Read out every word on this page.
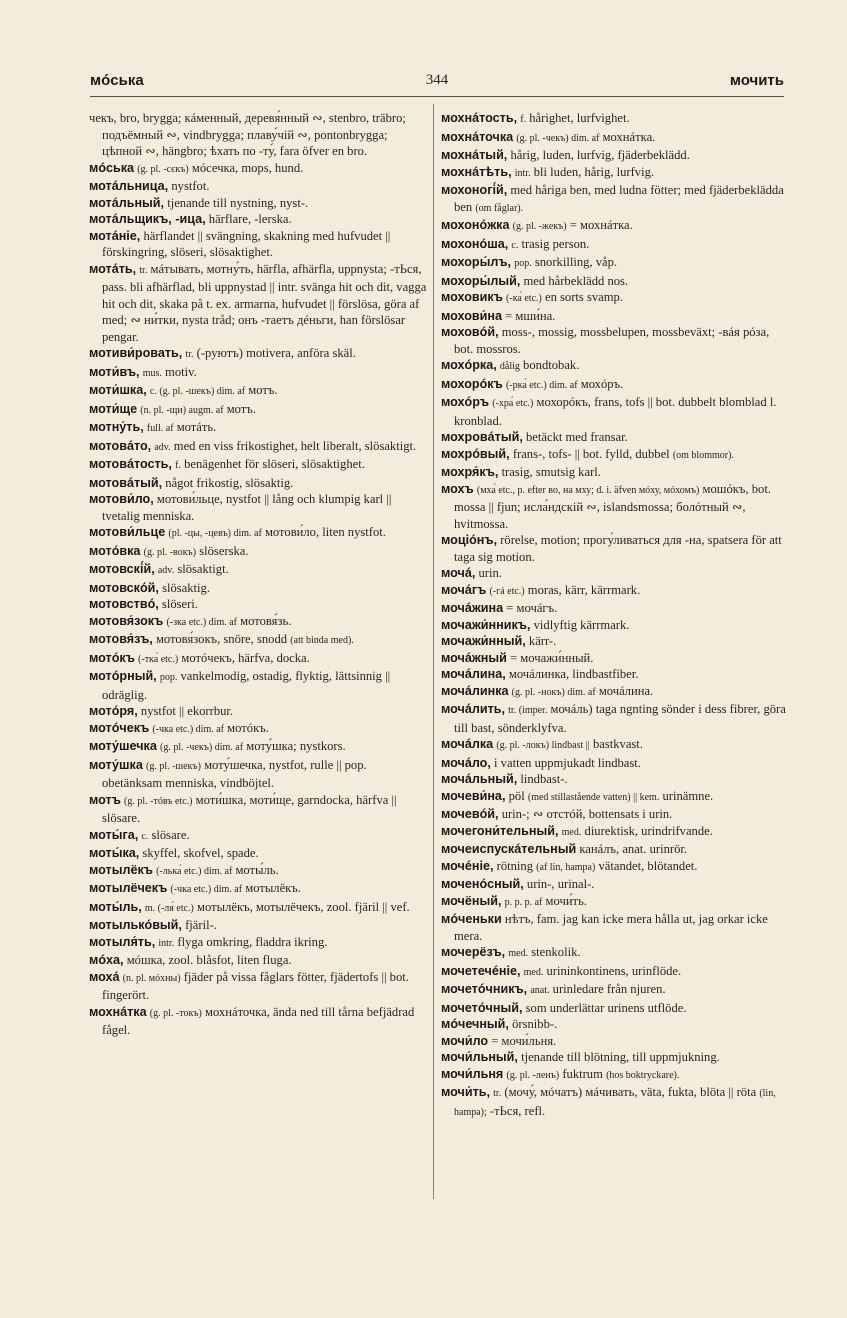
мóська	344	мочить

чекъ, bro, brygga; кáменный, деревя́нный ∾, stenbro, träbro; подъёмный ∾, vindbrygga; плаву́чій ∾, pontonbrygga; цѣпной ∾, hängbro; ѣхать по -ту́, fara öfver en bro.

мóська (g. pl. -сєкъ) мóсечка, mops, hund.

мотáльница, nystfot.

мотáльный, tjenande till nystning, nyst-.

мотáльщикъ, -ица, härflare, -lerska.

мотáніе, härflandet || svängning, skakning med hufvudet || förskingring, slöseri, slösaktighet.

мотáть, tr. мáтывать, мотну́ть, härfla, afhärfla, uppnysta; -тЬся, pass. bli afhärflad, bli uppnystad || intr. svänga hit och dit, vagga hit och dit, skaka på t. ex. armarna, hufvudet || förslösa, göra af med; ∾ ни́тки, nysta tråd; онъ -таетъ дéньги, han förslösar pengar.

мотиви́ровать, tr. (-руютъ) motivera, anföra skäl.

моти́въ, mus. motiv.

моти́шка, c. (g. pl. -шекъ) dim. af мотъ.

моти́ще (n. pl. -щи) augm. af мотъ.

мотну́ть, full. af мотáть.

мотовáто, adv. med en viss frikostighet, helt liberalt, slösaktigt.

мотовáтость, f. benägenhet för slöseri, slösaktighet.

мотовáтый, något frikostig, slösaktig.

мотови́ло, мотови́льце, nystfot || lång och klumpig karl || tvetalig menniska.

мотови́льце (pl. -цы, -цевъ) dim. af мотови́ло, liten nystfot.

мотóвка (g. pl. -вокъ) slöserska.

мотовскі́й, adv. slösaktigt.

мотовскóй, slösaktig.

мотовствó, slöseri.

мотовя́зокъ (-зка etc.) dim. af мотовя́зь.

мотовя́зъ, мотовя́зокъ, snöre, snodd (att binda med).

мотóкъ (-тка́ etc.) мотóчекъ, härfva, docka.

мотóрный, pop. vankelmodig, ostadig, flyktig, lättsinnig || odräglig.

мотóря, nystfot || ekorrbur.

мотóчекъ (-чка etc.) dim. af мотóкъ.

моту́шечка (g. pl. -чекъ) dim. af моту́шка; nystkors.

моту́шка (g. pl. -шекъ) моту́шечка, nystfot, rulle || pop. obetänksam menniska, vindböjtel.

мотъ (g. pl. -тóвъ etc.) моти́шка, моти́ще, garndocka, härfva || slösare.

моты́га, c. slösare.

моты́ка, skyffel, skofvel, spade.

мотылёкъ (-лька́ etc.) dim. af моты́ль.

мотылёчекъ (-чка etc.) dim. af мотылёкъ.

моты́ль, m. (-ля́ etc.) мотылёкъ, мотылёчекъ, zool. fjäril || vef.

мотылькóвый, fjäril-.

мотыля́ть, intr. flyga omkring, fladdra ikring.

мóха, мóшка, zool. blåsfot, liten fluga.

мохá (n. pl. мóхны) fjäder på vissa fåglars fötter, fjädertofs || bot. fingerört.

мохнáтка (g. pl. -токъ) мохнáточка, ända ned till tårna befjädrad fågel.

мохнáтость, f. hårighet, lurfvighet.

мохнáточка (g. pl. -чекъ) dim. af мохнáтка.

мохнáтый, hårig, luden, lurfvig, fjäderbeklädd.

мохнáтѣть, intr. bli luden, hårig, lurfvig.

мохоногі́й, med håriga ben, med ludna fötter; med fjäderbeklädda ben (om fåglar).

мохонóжка (g. pl. -жекъ) = мохнáтка.

мохонóша, c. trasig person.

мохоры́лъ, pop. snorkilling, våp.

мохоры́лый, med hårbeklädd nos.

моховикъ (-ка́ etc.) en sorts svamp.

мохови́на = мши́на.

моховóй, moss-, mossig, mossbelupen, mossbeväxt; -вáя рóза, bot. mossros.

мохóрка, dålig bondtobak.

мохорóкъ (-рка́ etc.) dim. af мохóръ.

мохóръ (-хра́ etc.) мохорóкъ, frans, tofs || bot. dubbelt blomblad l. kronblad.

мохровáтый, betäckt med fransar.

мохрóвый, frans-, tofs- || bot. fylld, dubbel (om blommor).

мохря́къ, trasig, smutsig karl.

мохъ (мха́ etc., p. efter во, на мху; d. i. äfven мóху, мóхомъ) мошóкъ, bot. mossa || fjun; исла́ндскій ∾, islandsmossa; болóтный ∾, hvitmossa.

моціóнъ, rörelse, motion; прогу́ливаться для -на, spatsera för att taga sig motion.

мочá, urin.

мочáгъ (-гá etc.) moras, kärr, kärrmark.

мочáжина = мочáгъ.

мочажи́нникъ, vidlyftig kärrmark.

мочажи́нный, kärr-.

мочáжный = мочажи́нный.

мочáлина, мочáлинка, lindbastfiber.

мочáлинка (g. pl. -нокъ) dim. af мочáлина.

мочáлить, tr. (imper. мочáль) taga ngnting sönder i dess fibrer, göra till bast, sönderklyfva.

мочáлка (g. pl. -локъ) lindbast || bastkvast.

мочáло, i vatten uppmjukadt lindbast.

мочáльный, lindbast-.

мочеви́на, pöl (med stillastående vatten) || kem. urinämne.

мочевóй, urin-; ∾ отстóй, bottensats i urin.

мочегони́тельный, med. diurektisk, urindrifvande.

мочеиспускáтельный канáлъ, anat. urinrör.

мочéніе, rötning (af lin, hampa) vätandet, blötandet.

моченóсный, urin-, urinal-.

мочёный, p. p. p. af мочи́ть.

мóченьки нѣтъ, fam. jag kan icke mera hålla ut, jag orkar icke mera.

мочерёзъ, med. stenkolik.

мочетечéніе, med. urininkontinens, urinflöde.

мочетóчникъ, anat. urinledare från njuren.

мочетóчный, som underlättar urinens utflöde.

мóчечный, örsnibb-.

мочи́ло = мочи́льня.

мочи́льный, tjenande till blötning, till uppmjukning.

мочи́льня (g. pl. -ленъ) fuktrum (hos boktryckare).

мочи́ть, tr. (мочу́, мóчатъ) мáчивать, väta, fukta, blöta || röta (lin, hampa); -тЬся, refl.
